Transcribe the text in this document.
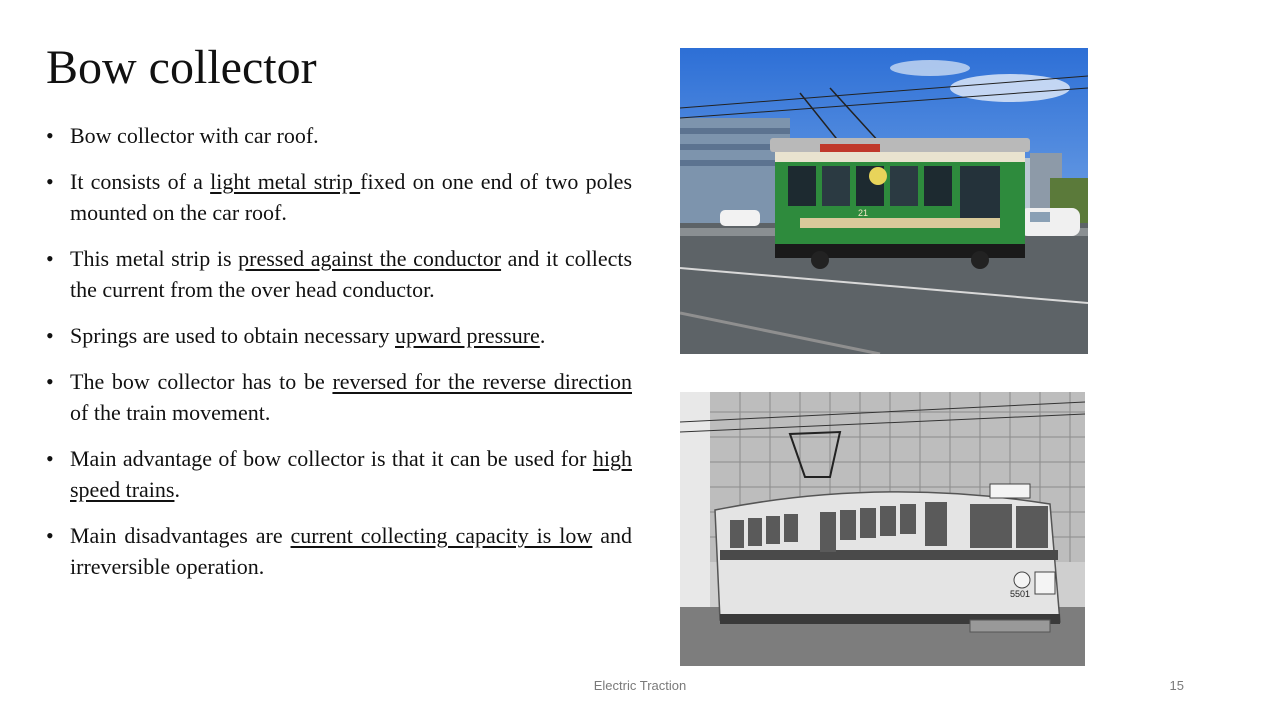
Bow collector
• Bow collector with car roof.
• It consists of a light metal strip fixed on one end of two poles mounted on the car roof.
• This metal strip is pressed against the conductor and it collects the current from the over head conductor.
• Springs are used to obtain necessary upward pressure.
• The bow collector has to be reversed for the reverse direction of the train movement.
• Main advantage of bow collector is that it can be used for high speed trains.
• Main disadvantages are current collecting capacity is low and irreversible operation.
21
5501
Electric Traction	15
